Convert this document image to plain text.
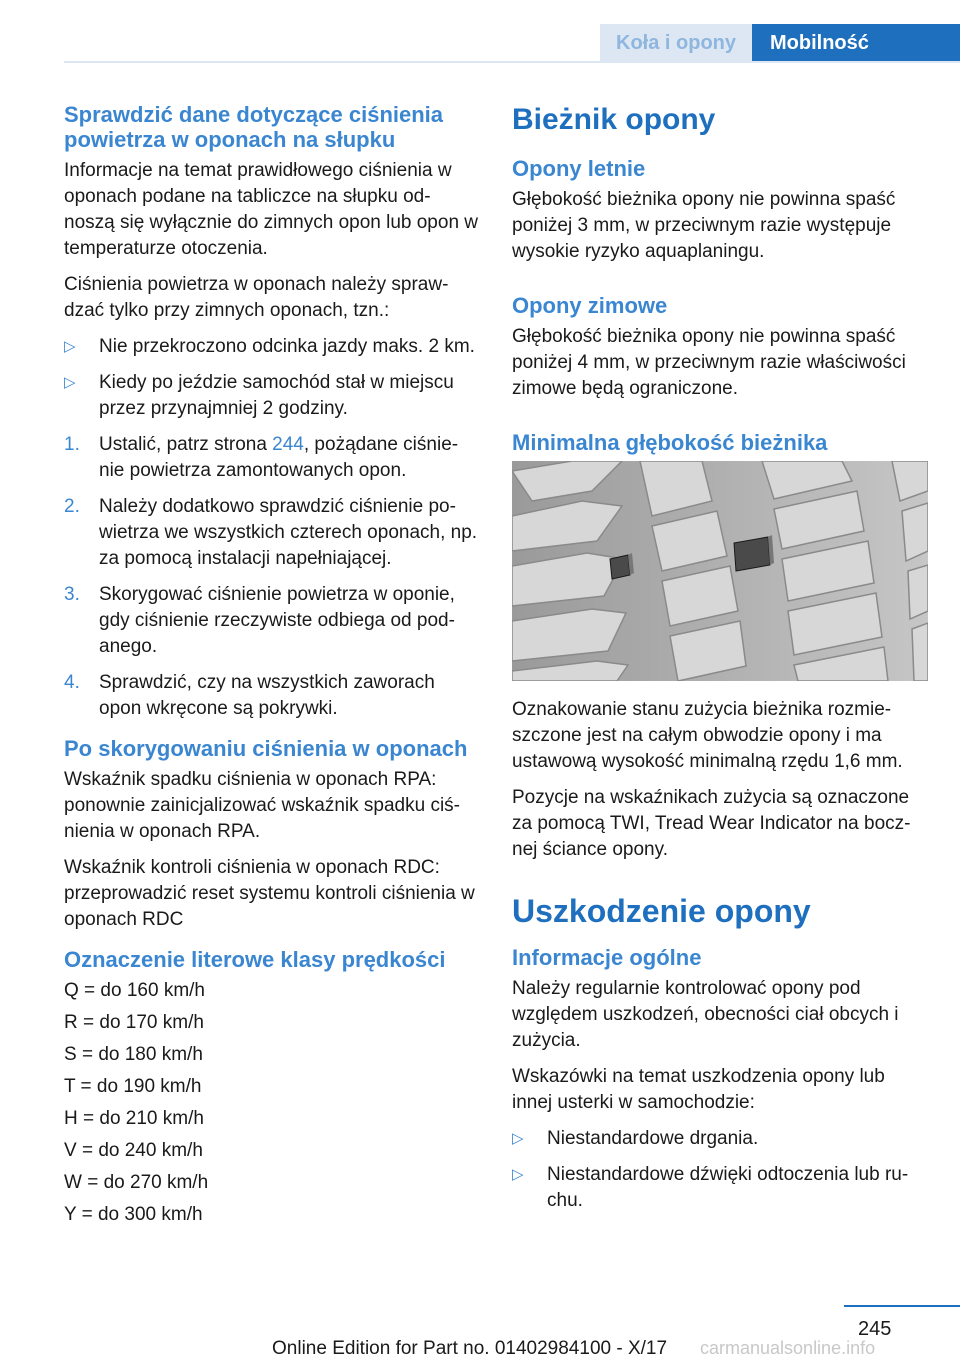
Koła i opony	Mobilność
Sprawdzić dane dotyczące ciśnienia powietrza w oponach na słupku

Informacje na temat prawidłowego ciśnienia w oponach podane na tabliczce na słupku od-noszą się wyłącznie do zimnych opon lub opon w temperaturze otoczenia.

Ciśnienia powietrza w oponach należy spraw-dzać tylko przy zimnych oponach, tzn.:

▷ Nie przekroczono odcinka jazdy maks. 2 km.
▷ Kiedy po jeździe samochód stał w miejscu przez przynajmniej 2 godziny.
1. Ustalić, patrz strona 244, pożądane ciśnie-nie powietrza zamontowanych opon.
2. Należy dodatkowo sprawdzić ciśnienie po-wietrza we wszystkich czterech oponach, np. za pomocą instalacji napełniającej.
3. Skorygować ciśnienie powietrza w oponie, gdy ciśnienie rzeczywiste odbiega od pod-anego.
4. Sprawdzić, czy na wszystkich zaworach opon wkręcone są pokrywki.
Po skorygowaniu ciśnienia w oponach

Wskaźnik spadku ciśnienia w oponach RPA: ponownie zainicjalizować wskaźnik spadku ciś-nienia w oponach RPA.

Wskaźnik kontroli ciśnienia w oponach RDC: przeprowadzić reset systemu kontroli ciśnienia w oponach RDC

Oznaczenie literowe klasy prędkości

Q = do 160 km/h

R = do 170 km/h

S = do 180 km/h

T = do 190 km/h

H = do 210 km/h

V = do 240 km/h

W = do 270 km/h

Y = do 300 km/h

Bieżnik opony
Opony letnie

Głębokość bieżnika opony nie powinna spaść poniżej 3 mm, w przeciwnym razie występuje wysokie ryzyko aquaplaningu.

Opony zimowe

Głębokość bieżnika opony nie powinna spaść poniżej 4 mm, w przeciwnym razie właściwości zimowe będą ograniczone.

Minimalna głębokość bieżnika

Oznakowanie stanu zużycia bieżnika rozmie-szczone jest na całym obwodzie opony i ma ustawową wysokość minimalną rzędu 1,6 mm.

Pozycje na wskaźnikach zużycia są oznaczone za pomocą TWI, Tread Wear Indicator na bocz-nej ściance opony.

Uszkodzenie opony
Informacje ogólne

Należy regularnie kontrolować opony pod względem uszkodzeń, obecności ciał obcych i zużycia.

Wskazówki na temat uszkodzenia opony lub innej usterki w samochodzie:

▷ Niestandardowe drgania.
▷ Niestandardowe dźwięki odtoczenia lub ru-chu.
245
Online Edition for Part no. 01402984100 - X/17 carmanualsonline.info
